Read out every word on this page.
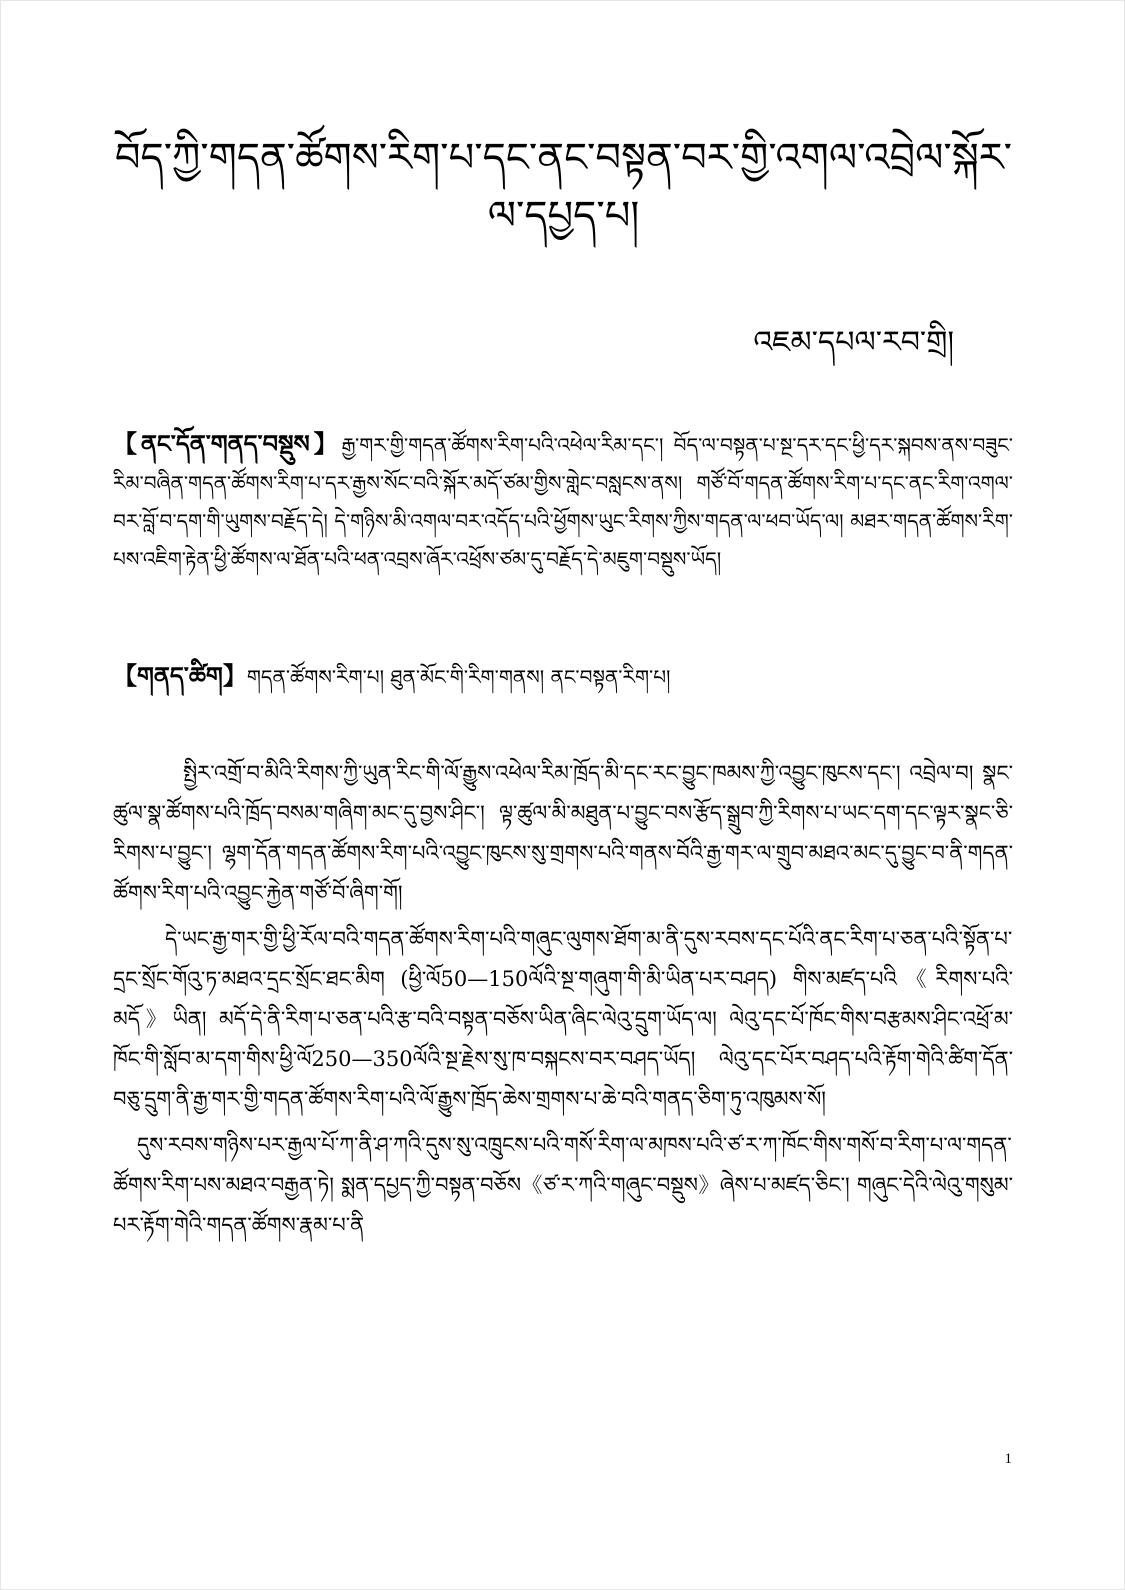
བོད་ཀྱི་གདན་ཚོགས་རིག་པ་དང་ནང་བསྟན་བར་གྱི་འགལ་འབྲེལ་སྐོར་ལ་དཔྱད་པ།
འཇམ་དཔལ་རབ་གྲི།
【ནང་དོན་གནད་བསྡུས】རྒྱ་གར་གྱི་གདན་ཚོགས་རིག་པའི་འཕེལ་རིམ་དང་། བོད་ལ་བསྟན་པ་སྔ་དར་དང་ཕྱི་དར་སྐབས་ནས་བཟུང་རིམ་བཞིན་གདན་ཚོགས་རིག་པ་དར་རྒྱས་སོང་བའི་སྐོར་མདོ་ཙམ་གྱིས་གླེང་བསླངས་ནས། གཙོ་བོ་གདན་ཚོགས་རིག་པ་དང་ནང་རིག་འགལ་བར་བློ་བ་དག་གི་ཡུགས་བརྗོད་དེ། དེ་གཉིས་མི་འགལ་བར་འདོད་པའི་ཕྱོགས་ཡུང་རིགས་ཀྱིས་གདན་ལ་ཕབ་ཡོད་ལ། མཐར་གདན་ཚོགས་རིག་པས་འཇིག་རྟེན་ཕྱི་ཚོགས་ལ་ཐོན་པའི་ཕན་འབྲས་ཞོར་འཕྲོས་ཙམ་དུ་བརྗོད་དེ་མཇུག་བསྡུས་ཡོད།
【གནད་ཚིག】གདན་ཚོགས་རིག་པ། ཐུན་མོང་གི་རིག་གནས། ནང་བསྟན་རིག་པ།

སྤྱིར་འགྲོ་བ་མིའི་རིགས་ཀྱི་ཡུན་རིང་གི་ལོ་རྒྱུས་འཕེལ་རིམ་ཁྲོད་མི་དང་རང་བྱུང་ཁམས་ཀྱི་འབྱུང་ཁུངས་དང་། འབྲེལ་བ། སྣང་ཚུལ་སྣ་ཚོགས་པའི་ཁྲོད་བསམ་གཞིག་མང་དུ་བྱས་ཤིང་། ལྟ་ཚུལ་མི་མཐུན་པ་བྱུང་བས་རྩོད་སྒྲུབ་ཀྱི་རིགས་པ་ཡང་དག་དང་ལྟར་སྣང་ཅི་རིགས་པ་བྱུང་། ལྷག་དོན་གདན་ཚོགས་རིག་པའི་འབྱུང་ཁུངས་སུ་གྲགས་པའི་གནས་བོའི་རྒྱ་གར་ལ་གྲུབ་མཐའ་མང་དུ་བྱུང་བ་ནི་གདན་ཚོགས་རིག་པའི་འབྱུང་རྐྱེན་གཙོ་བོ་ཞིག་གོ།

དེ་ཡང་རྒྱ་གར་གྱི་ཕྱི་རོལ་བའི་གདན་ཚོགས་རིག་པའི་གཞུང་ལུགས་ཐོག་མ་ནི་དུས་རབས་དང་པོའི་ནང་རིག་པ་ཅན་པའི་སྟོན་པ་དྲང་སྲོང་གོའུ་ཏ་མཐའ་དྲང་སྲོང་ཐང་མིག (ཕྱི་ལོ50—150ལོའི་སྔ་གཞུག་གི་མི་ཡིན་པར་བཤད) གིས་མཛད་པའི《རིགས་པའི་མདོ》ཡིན། མདོ་དེ་ནི་རིག་པ་ཅན་པའི་རྩ་བའི་བསྟན་བཅོས་ཡིན་ཞིང་ལེའུ་དྲུག་ཡོད་ལ། ལེའུ་དང་པོ་ཁོང་གིས་བརྩམས་ཤིང་འཕྲོ་མ་ཁོང་གི་སློབ་མ་དག་གིས་ཕྱི་ལོ250—350ལོའི་སྔ་རྗེས་སུ་ཁ་བསྐངས་བར་བཤད་ཡོད། ལེའུ་དང་པོར་བཤད་པའི་རྟོག་གེའི་ཚིག་དོན་བཅུ་དྲུག་ནི་རྒྱ་གར་གྱི་གདན་ཚོགས་རིག་པའི་ལོ་རྒྱུས་ཁྲོད་ཆེས་གྲགས་པ་ཆེ་བའི་གནད་ཅིག་ཏུ་འཁུམས་སོ།

དུས་རབས་གཉིས་པར་རྒྱལ་པོ་ཀ་ནི་ཤ་ཀའི་དུས་སུ་འཁྲུངས་པའི་གསོ་རིག་ལ་མཁས་པའི་ཙ་ར་ཀ་ཁོང་གིས་གསོ་བ་རིག་པ་ལ་གདན་ཚོགས་རིག་པས་མཐའ་བརྒྱན་ཏེ། སྨན་དཔྱད་ཀྱི་བསྟན་བཅོས《ཙ་ར་ཀའི་གཞུང་བསྡུས》ཞེས་པ་མཛད་ཅིང་། གཞུང་དེའི་ལེའུ་གསུམ་པར་རྟོག་གེའི་གདན་ཚོགས་རྣམ་པ་ནི

1
